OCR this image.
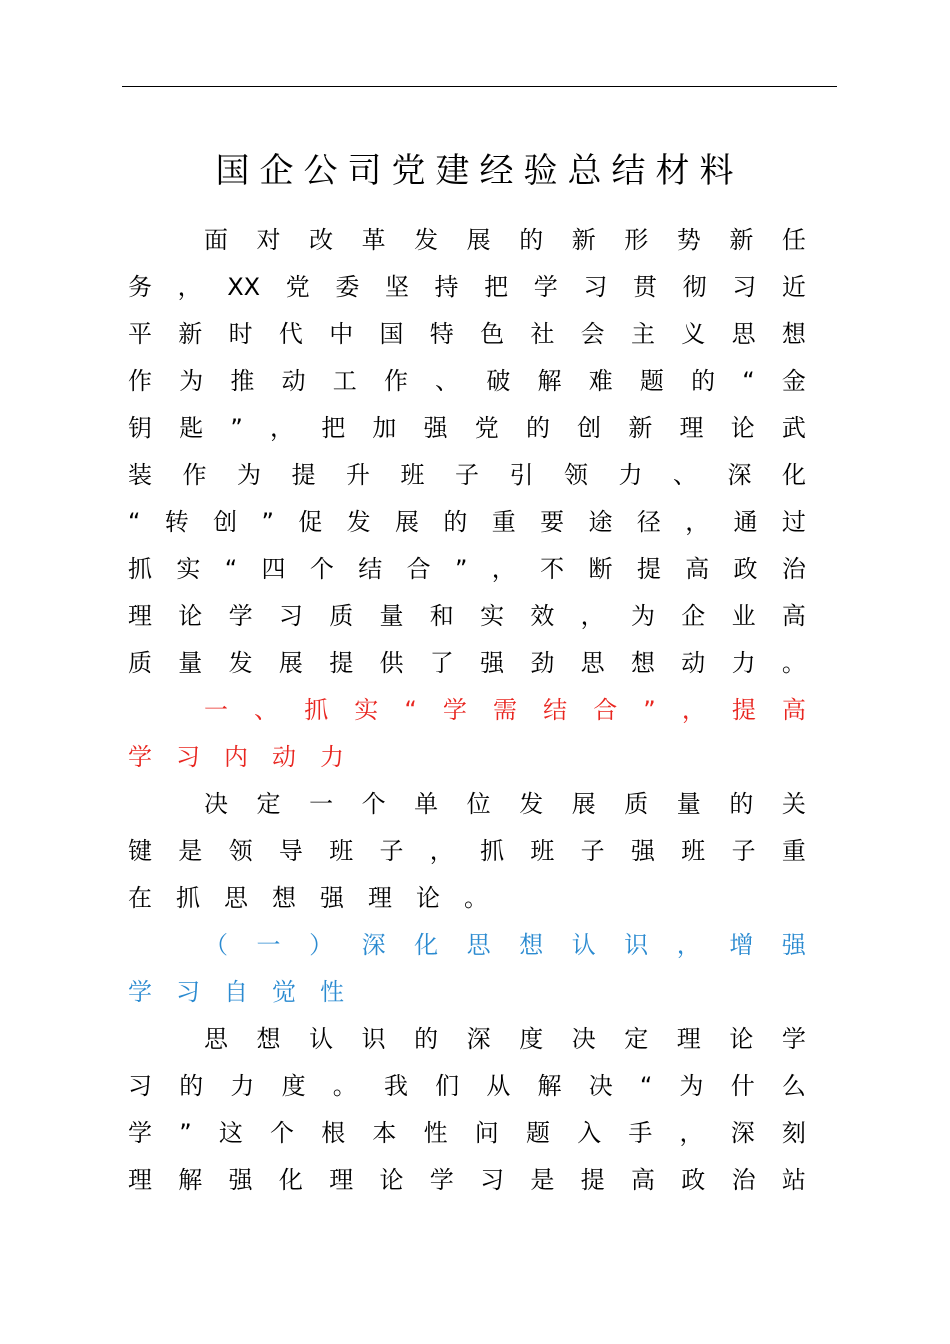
国企公司党建经验总结材料
面 对 改 革 发 展 的 新 形 势 新 任
务 ， XX 党 委 坚 持 把 学 习 贯 彻 习 近
平 新 时 代 中 国 特 色 社 会 主 义 思 想
作 为 推 动 工 作 、 破 解 难 题 的 “ 金
钥 匙 ” ， 把 加 强 党 的 创 新 理 论 武
装 作 为 提 升 班 子 引 领 力 、 深 化
“ 转 创 ” 促 发 展 的 重 要 途 径 ， 通 过
抓 实 “ 四 个 结 合 ” ， 不 断 提 高 政 治
理 论 学 习 质 量 和 实 效 ， 为 企 业 高
质 量 发 展 提 供 了 强 劲 思 想 动 力 。
一 、 抓 实 “ 学 需 结 合 ” ， 提 高
学 习 内 动 力
决 定 一 个 单 位 发 展 质 量 的 关
键 是 领 导 班 子 ， 抓 班 子 强 班 子 重
在 抓 思 想 强 理 论 。
（ 一 ） 深 化 思 想 认 识 ， 增 强
学 习 自 觉 性
思 想 认 识 的 深 度 决 定 理 论 学
习 的 力 度 。 我 们 从 解 决 “ 为 什 么
学 ” 这 个 根 本 性 问 题 入 手 ， 深 刻
理 解 强 化 理 论 学 习 是 提 高 政 治 站
